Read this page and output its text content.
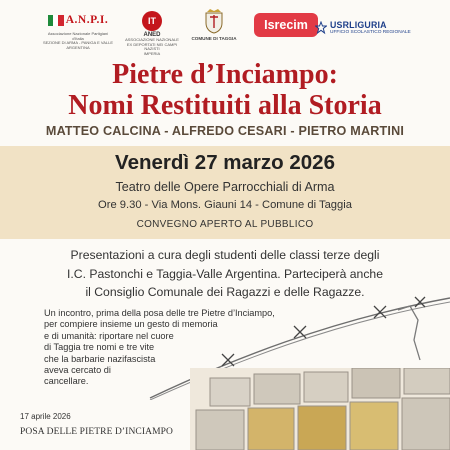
A.N.P.I.
Associazione Nazionale Partigiani d'Italia
SEZIONE DI ARMA - PANIGA E VALLE ARGENTINA
IT
ANED
ASSOCIAZIONE NAZIONALE
EX DEPORTATI NEI CAMPI NAZISTI
IMPERIA
COMUNE DI TAGGIA
Isrecim	USRLIGURIA
UFFICIO SCOLASTICO REGIONALE
Pietre d’Inciampo:
Nomi Restituiti alla Storia
MATTEO CALCINA - ALFREDO CESARI - PIETRO MARTINI
Venerdì 27 marzo 2026
Teatro delle Opere Parrocchiali di Arma
Ore 9.30 - Via Mons. Giauni 14 - Comune di Taggia
CONVEGNO APERTO AL PUBBLICO
Presentazioni a cura degli studenti delle classi terze degli
I.C. Pastonchi e Taggia-Valle Argentina. Parteciperà anche
il Consiglio Comunale dei Ragazzi e delle Ragazze.
Un incontro, prima della posa delle tre Pietre d’Inciampo,
per compiere insieme un gesto di memoria
e di umanità: riportare nel cuore
di Taggia tre nomi e tre vite
che la barbarie nazifascista
aveva cercato di
cancellare.
17 aprile 2026
POSA DELLE PIETRE D’INCIAMPO
